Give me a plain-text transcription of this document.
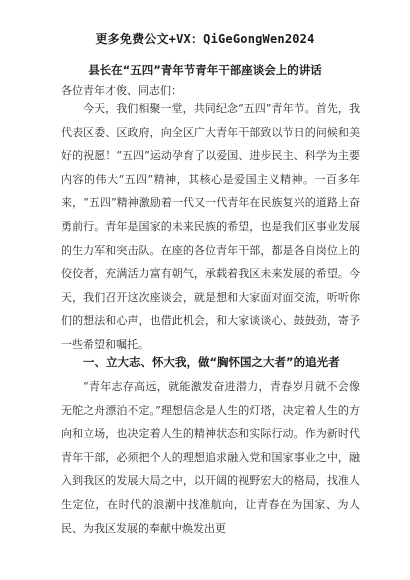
更多免费公文+VX：QiGeGongWen2024
县长在“五四”青年节青年干部座谈会上的讲话
各位青年才俊、同志们：

今天，我们相聚一堂，共同纪念“五四”青年节。首先，我代表区委、区政府，向全区广大青年干部致以节日的问候和美好的祝愿！“五四”运动孕育了以爱国、进步民主、科学为主要内容的伟大“五四”精神，其核心是爱国主义精神。一百多年来，“五四”精神激励着一代又一代青年在民族复兴的道路上奋勇前行。青年是国家的未来民族的希望，也是我们区事业发展的生力军和突击队。在座的各位青年干部，都是各自岗位上的佼佼者，充满活力富有朝气，承载着我区未来发展的希望。今天，我们召开这次座谈会，就是想和大家面对面交流，听听你们的想法和心声，也借此机会，和大家谈谈心、鼓鼓劲，寄予一些希望和嘱托。

一、立大志、怀大我，做“胸怀国之大者”的追光者

“青年志存高远，就能激发奋进潜力，青春岁月就不会像无舵之舟漂泊不定。”理想信念是人生的灯塔，决定着人生的方向和立场，也决定着人生的精神状态和实际行动。作为新时代青年干部，必须把个人的理想追求融入党和国家事业之中，融入到我区的发展大局之中，以开阔的视野宏大的格局，找准人生定位，在时代的浪潮中找准航向，让青春在为国家、为人民、为我区发展的奉献中焕发出更
